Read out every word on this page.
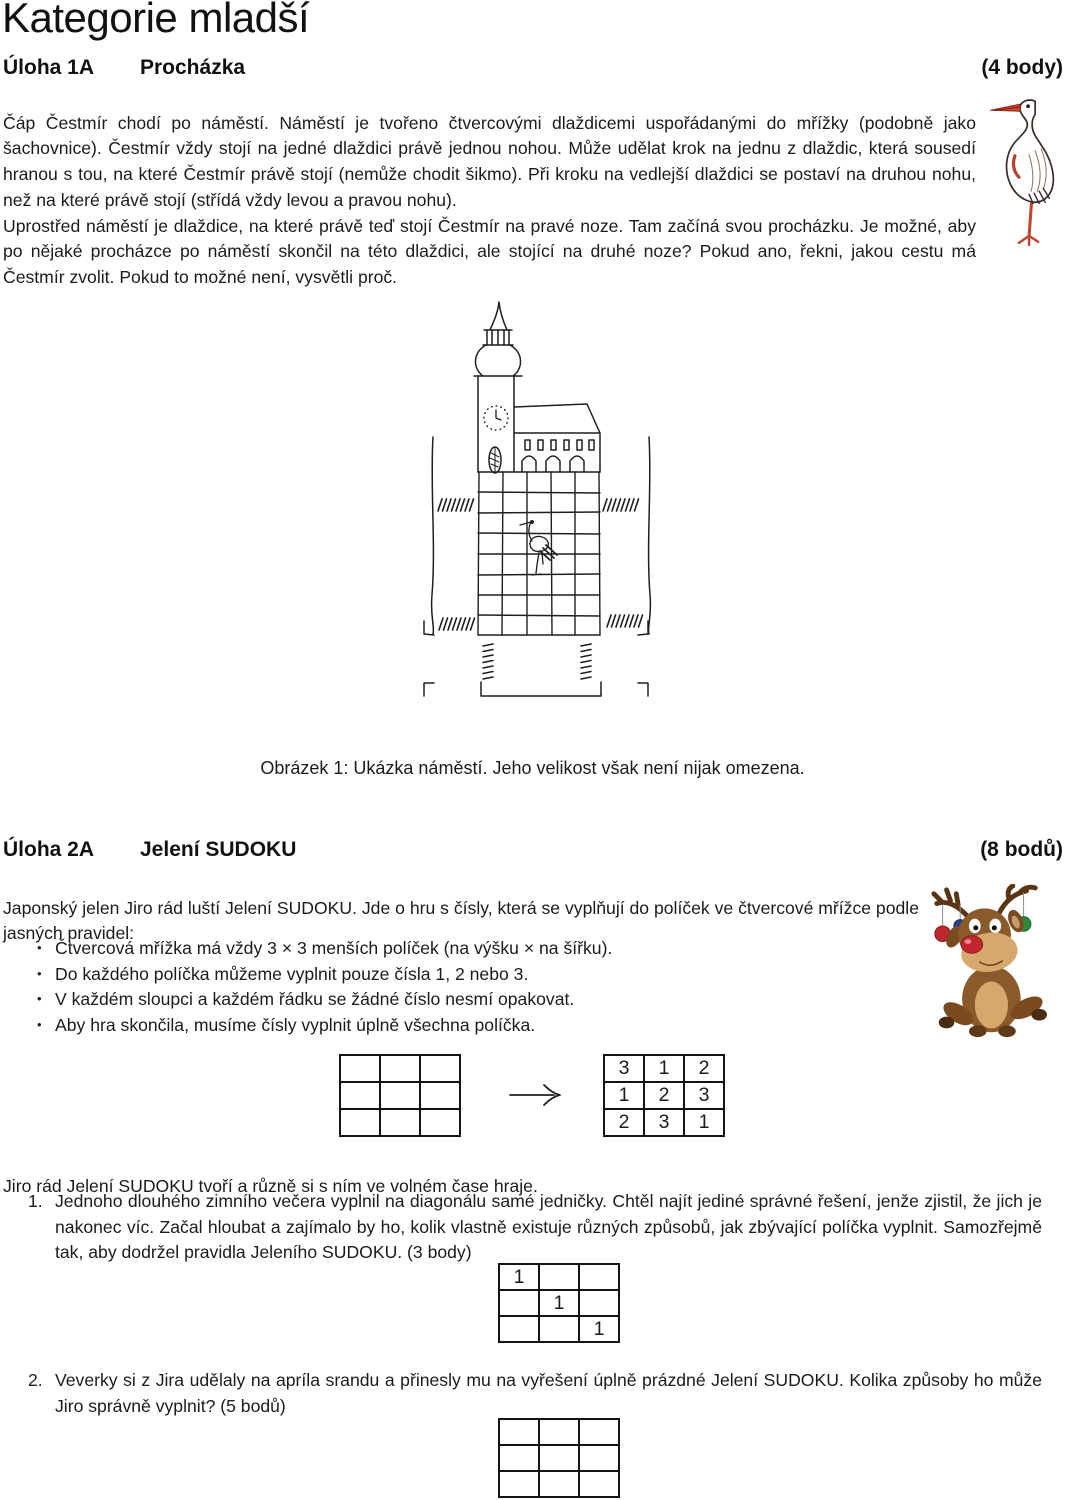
Kategorie mladší
Úloha 1A	Procházka	(4 body)

Čáp Čestmír chodí po náměstí. Náměstí je tvořeno čtvercovými dlaždicemi uspořádanými do mřížky (podobně jako šachovnice). Čestmír vždy stojí na jedné dlaždici právě jednou nohou. Může udělat krok na jednu z dlaždic, která sousedí hranou s tou, na které Čestmír právě stojí (nemůže chodit šikmo). Při kroku na vedlejší dlaždici se postaví na druhou nohu, než na které právě stojí (střídá vždy levou a pravou nohu).

Uprostřed náměstí je dlaždice, na které právě teď stojí Čestmír na pravé noze. Tam začíná svou procházku. Je možné, aby po nějaké procházce po náměstí skončil na této dlaždici, ale stojící na druhé noze? Pokud ano, řekni, jakou cestu má Čestmír zvolit. Pokud to možné není, vysvětli proč.

Obrázek 1: Ukázka náměstí. Jeho velikost však není nijak omezena.
Úloha 2A	Jelení SUDOKU	(8 bodů)

Japonský jelen Jiro rád luští Jelení SUDOKU. Jde o hru s čísly, která se vyplňují do políček ve čtvercové mřížce podle jasných pravidel:

• Čtvercová mřížka má vždy 3 × 3 menších políček (na výšku × na šířku).
• Do každého políčka můžeme vyplnit pouze čísla 1, 2 nebo 3.
• V každém sloupci a každém řádku se žádné číslo nesmí opakovat.
• Aby hra skončila, musíme čísly vyplnit úplně všechna políčka.

3	1	2
1	2	3
2	3	1

Jiro rád Jelení SUDOKU tvoří a různě si s ním ve volném čase hraje.

1. Jednoho dlouhého zimního večera vyplnil na diagonálu samé jedničky. Chtěl najít jediné správné řešení, jenže zjistil, že jich je nakonec víc. Začal hloubat a zajímalo by ho, kolik vlastně existuje různých způsobů, jak zbývající políčka vyplnit. Samozřejmě tak, aby dodržel pravidla Jeleního SUDOKU. (3 body)
1		
	1	
		1
2. Veverky si z Jira udělaly na apríla srandu a přinesly mu na vyřešení úplně prázdné Jelení SUDOKU. Kolika způsoby ho může Jiro správně vyplnit? (5 bodů)
